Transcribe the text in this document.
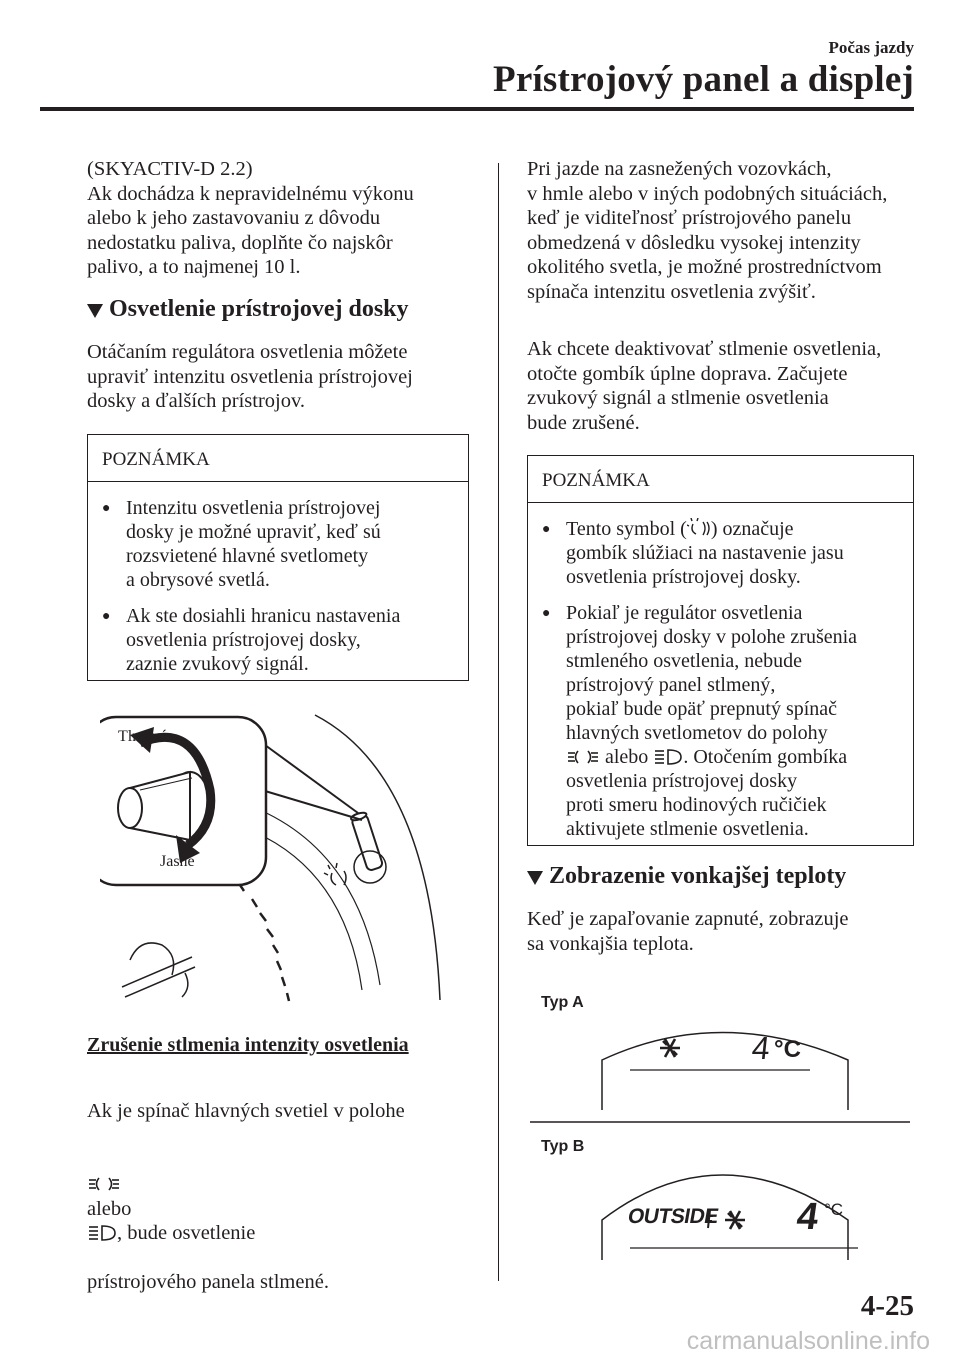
Počas jazdy
Prístrojový panel a displej
(SKYACTIV-D 2.2)
Ak dochádza k nepravidelnému výkonu
alebo k jeho zastavovaniu z dôvodu
nedostatku paliva, doplňte čo najskôr
palivo, a to najmenej 10 l.
Osvetlenie prístrojovej dosky
Otáčaním regulátora osvetlenia môžete
upraviť intenzitu osvetlenia prístrojovej
dosky a ďalších prístrojov.
POZNÁMKA
● Intenzitu osvetlenia prístrojovej
dosky je možné upraviť, keď sú
rozsvietené hlavné svetlomety
a obrysové svetlá.
● Ak ste dosiahli hranicu nastavenia
osvetlenia prístrojovej dosky,
zaznie zvukový signál.
Tlmené
Jasné
Zrušenie stlmenia intenzity osvetlenia

Ak je spínač hlavných svetiel v polohe

alebo
, bude osvetlenie

prístrojového panela stlmené.

Pri jazde na zasnežených vozovkách,
v hmle alebo v iných podobných situáciách,
keď je viditeľnosť prístrojového panelu
obmedzená v dôsledku vysokej intenzity
okolitého svetla, je možné prostredníctvom
spínača intenzitu osvetlenia zvýšiť.
Ak chcete deaktivovať stlmenie osvetlenia,
otočte gombík úplne doprava. Začujete
zvukový signál a stlmenie osvetlenia
bude zrušené.
POZNÁMKA
● Tento symbol ( ) označuje
gombík slúžiaci na nastavenie jasu
osvetlenia prístrojovej dosky.
● Pokiaľ je regulátor osvetlenia
prístrojovej dosky v polohe zrušenia
stmleného osvetlenia, nebude
prístrojový panel stlmený,
pokiaľ bude opäť prepnutý spínač
hlavných svetlometov do polohy
alebo . Otočením gombíka
osvetlenia prístrojovej dosky
proti smeru hodinových ručičiek
aktivujete stlmenie osvetlenia.
Zobrazenie vonkajšej teploty
Keď je zapaľovanie zapnuté, zobrazuje
sa vonkajšia teplota.
Typ A
4 °C
Typ B
OUTSIDE 4 °C
4-25
carmanualsonline.info
